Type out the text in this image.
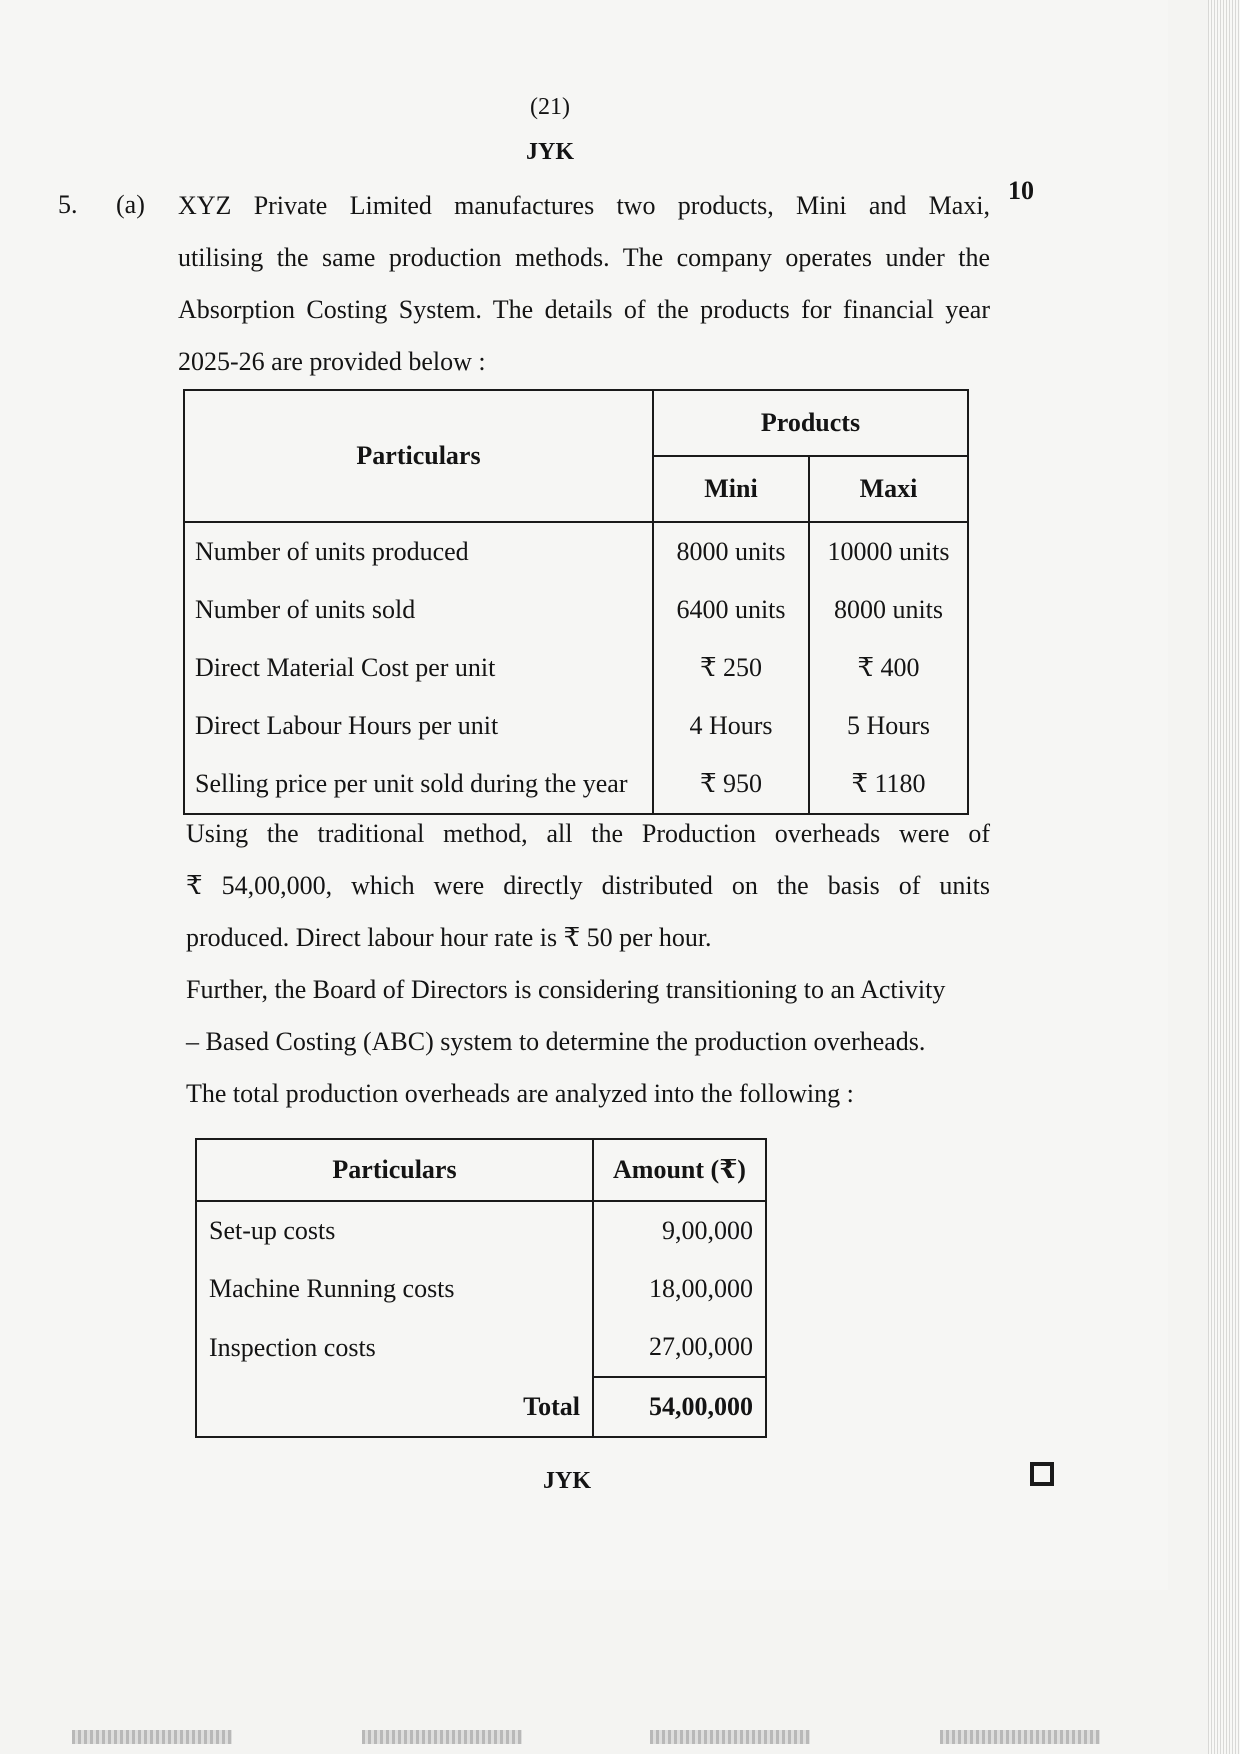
(21)
JYK
5. (a)	10
XYZ Private Limited manufactures two products, Mini and Maxi,
utilising the same production methods. The company operates under the
Absorption Costing System. The details of the products for financial year
2025-26 are provided below :
Particulars	Products	
	Mini	Maxi
Number of units produced	8000 units	10000 units
Number of units sold	6400 units	8000 units
Direct Material Cost per unit	₹ 250	₹ 400
Direct Labour Hours per unit	4 Hours	5 Hours
Selling price per unit sold during the year	₹ 950	₹ 1180
Using the traditional method, all the Production overheads were of
₹ 54,00,000, which were directly distributed on the basis of units
produced. Direct labour hour rate is ₹ 50 per hour.
Further, the Board of Directors is considering transitioning to an Activity
– Based Costing (ABC) system to determine the production overheads.
The total production overheads are analyzed into the following :
Particulars	Amount (₹)
Set-up costs	9,00,000
Machine Running costs	18,00,000
Inspection costs	27,00,000
Total	54,00,000
JYK
